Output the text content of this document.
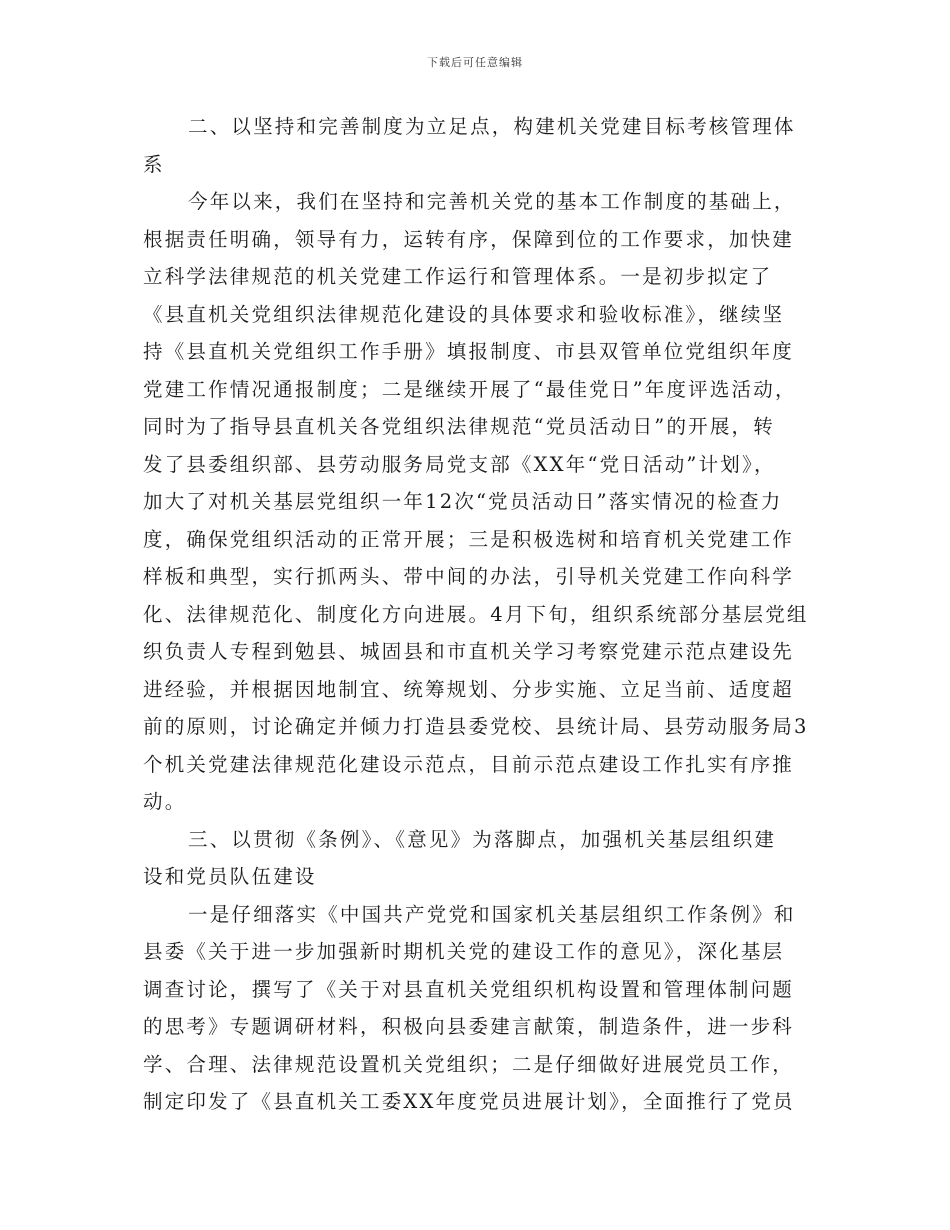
下载后可任意编辑
二、以坚持和完善制度为立足点，构建机关党建目标考核管理体
系
今年以来，我们在坚持和完善机关党的基本工作制度的基础上，
根据责任明确，领导有力，运转有序，保障到位的工作要求，加快建
立科学法律规范的机关党建工作运行和管理体系。一是初步拟定了
《县直机关党组织法律规范化建设的具体要求和验收标准》，继续坚
持《县直机关党组织工作手册》填报制度、市县双管单位党组织年度
党建工作情况通报制度；二是继续开展了“最佳党日”年度评选活动，
同时为了指导县直机关各党组织法律规范“党员活动日”的开展，转
发了县委组织部、县劳动服务局党支部《XX年“党日活动”计划》，
加大了对机关基层党组织一年12次“党员活动日”落实情况的检查力
度，确保党组织活动的正常开展；三是积极选树和培育机关党建工作
样板和典型，实行抓两头、带中间的办法，引导机关党建工作向科学
化、法律规范化、制度化方向进展。4月下旬，组织系统部分基层党组
织负责人专程到勉县、城固县和市直机关学习考察党建示范点建设先
进经验，并根据因地制宜、统筹规划、分步实施、立足当前、适度超
前的原则，讨论确定并倾力打造县委党校、县统计局、县劳动服务局3
个机关党建法律规范化建设示范点，目前示范点建设工作扎实有序推
动。
三、以贯彻《条例》、《意见》为落脚点，加强机关基层组织建
设和党员队伍建设
一是仔细落实《中国共产党党和国家机关基层组织工作条例》和
县委《关于进一步加强新时期机关党的建设工作的意见》，深化基层
调查讨论，撰写了《关于对县直机关党组织机构设置和管理体制问题
的思考》专题调研材料，积极向县委建言献策，制造条件，进一步科
学、合理、法律规范设置机关党组织；二是仔细做好进展党员工作，
制定印发了《县直机关工委XX年度党员进展计划》，全面推行了党员
